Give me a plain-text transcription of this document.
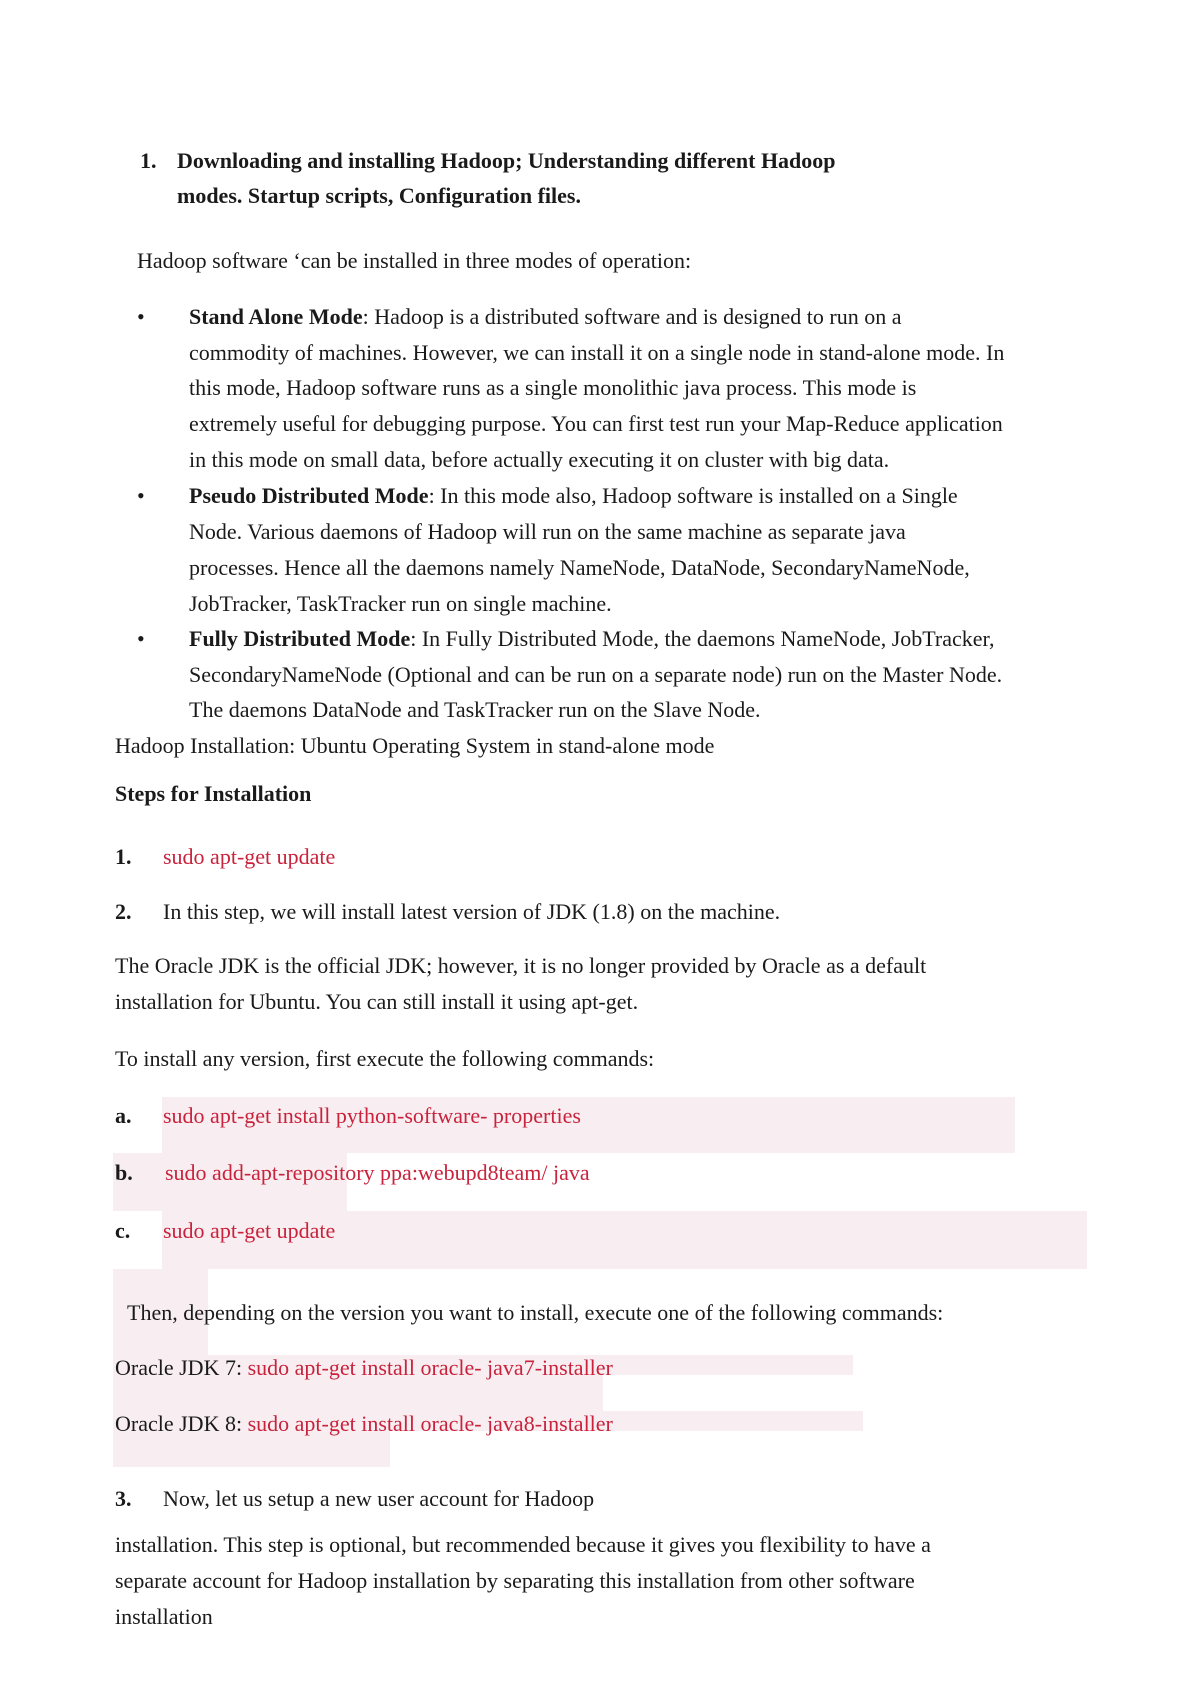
1. Downloading and installing Hadoop; Understanding different Hadoop
modes. Startup scripts, Configuration files.
Hadoop software ‘can be installed in three modes of operation:
• Stand Alone Mode: Hadoop is a distributed software and is designed to run on a
commodity of machines. However, we can install it on a single node in stand-alone mode. In
this mode, Hadoop software runs as a single monolithic java process. This mode is
extremely useful for debugging purpose. You can first test run your Map-Reduce application
in this mode on small data, before actually executing it on cluster with big data.
• Pseudo Distributed Mode: In this mode also, Hadoop software is installed on a Single
Node. Various daemons of Hadoop will run on the same machine as separate java
processes. Hence all the daemons namely NameNode, DataNode, SecondaryNameNode,
JobTracker, TaskTracker run on single machine.
• Fully Distributed Mode: In Fully Distributed Mode, the daemons NameNode, JobTracker,
SecondaryNameNode (Optional and can be run on a separate node) run on the Master Node.
The daemons DataNode and TaskTracker run on the Slave Node.
Hadoop Installation: Ubuntu Operating System in stand-alone mode
Steps for Installation
1. sudo apt-get update
2. In this step, we will install latest version of JDK (1.8) on the machine.
The Oracle JDK is the official JDK; however, it is no longer provided by Oracle as a default
installation for Ubuntu. You can still install it using apt-get.
To install any version, first execute the following commands:
a. sudo apt-get install python-software- properties
b. sudo add-apt-repository ppa:webupd8team/ java
c. sudo apt-get update
Then, depending on the version you want to install, execute one of the following commands:
Oracle JDK 7: sudo apt-get install oracle- java7-installer
Oracle JDK 8: sudo apt-get install oracle- java8-installer
3. Now, let us setup a new user account for Hadoop
installation. This step is optional, but recommended because it gives you flexibility to have a
separate account for Hadoop installation by separating this installation from other software
installation
